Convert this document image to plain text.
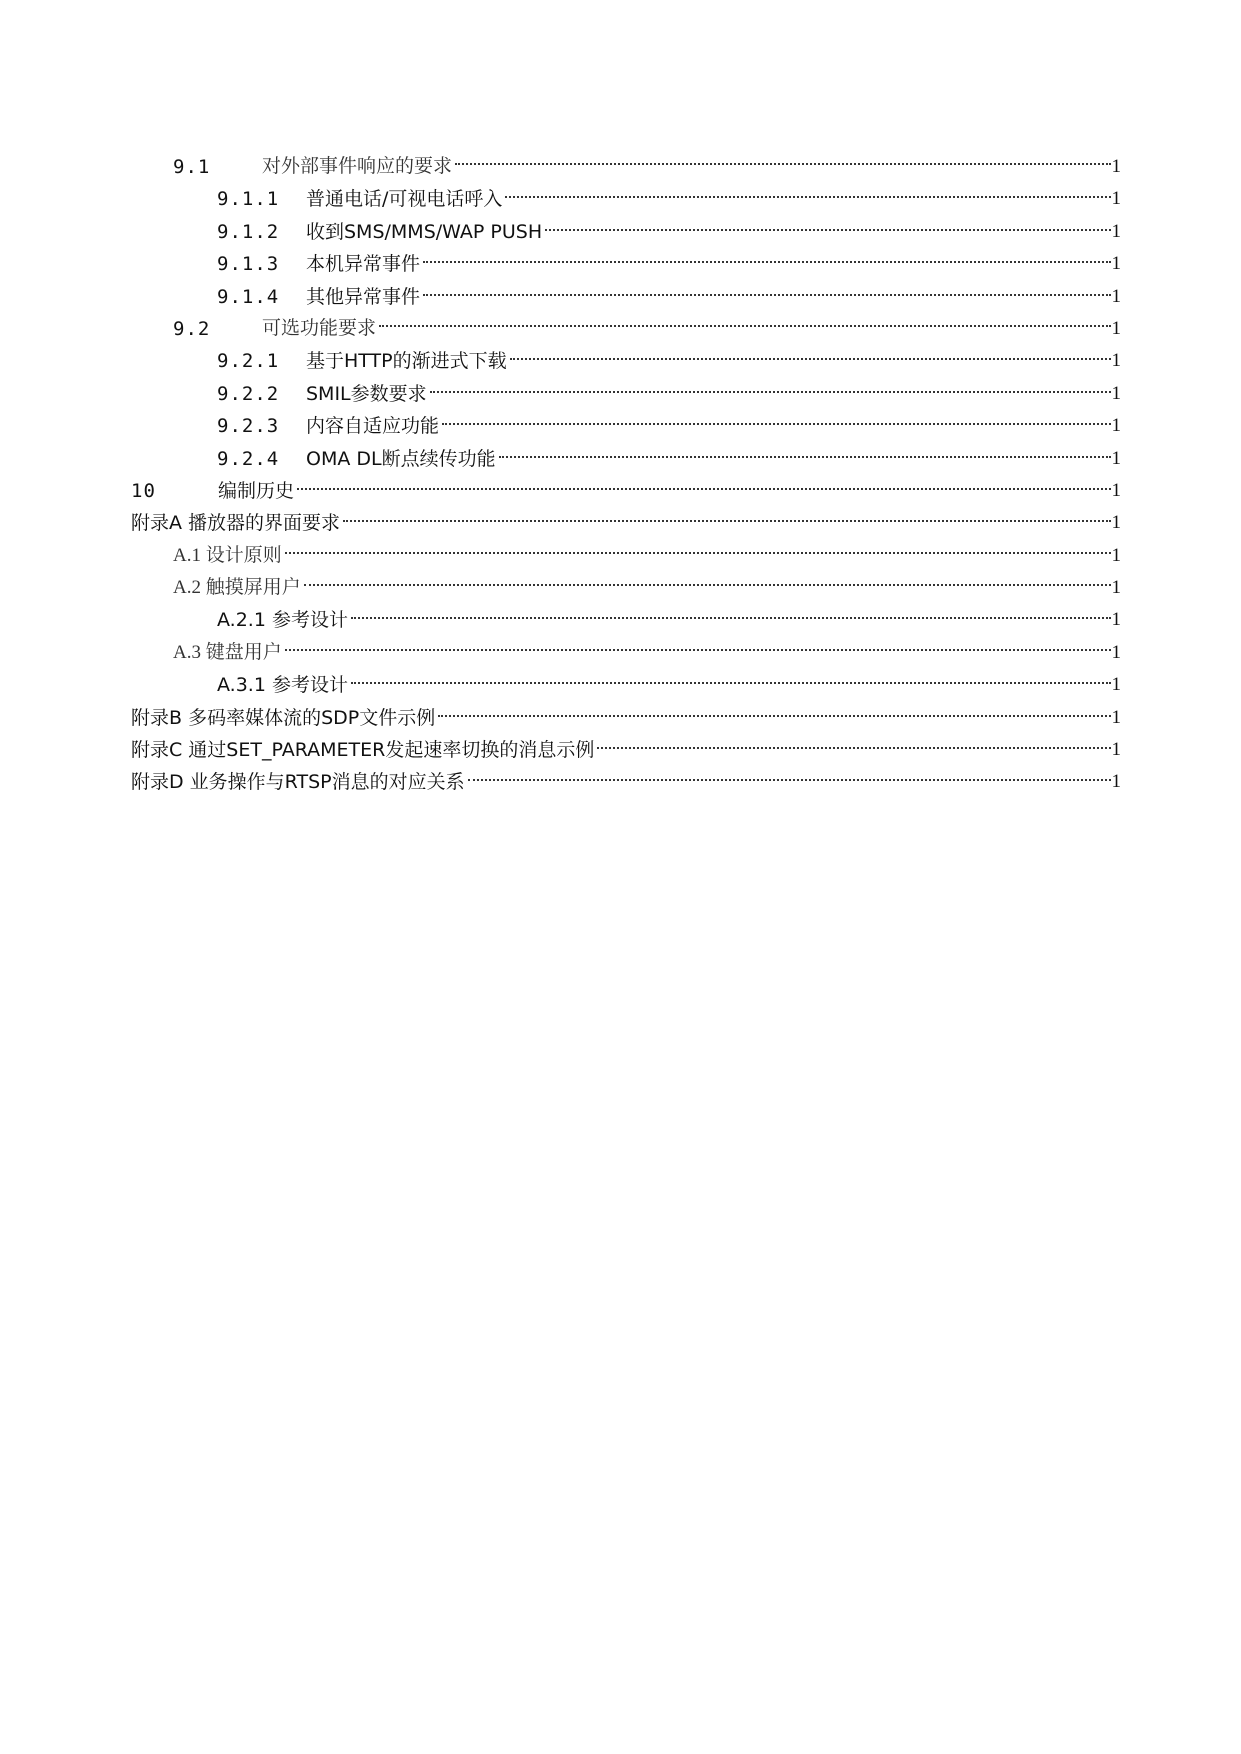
9.1	对外部事件响应的要求	1
9.1.1 普通电话/可视电话呼入	1
9.1.2 收到SMS/MMS/WAP PUSH	1
9.1.3 本机异常事件	1
9.1.4 其他异常事件	1
9.2	可选功能要求	1
9.2.1 基于HTTP的渐进式下载	1
9.2.2 SMIL参数要求	1
9.2.3 内容自适应功能	1
9.2.4 OMA DL断点续传功能	1
10	编制历史	1
附录A 播放器的界面要求	1
A.1 设计原则	1
A.2 触摸屏用户	1
A.2.1 参考设计	1
A.3 键盘用户	1
A.3.1 参考设计	1
附录B 多码率媒体流的SDP文件示例	1
附录C 通过SET_PARAMETER发起速率切换的消息示例	1
附录D 业务操作与RTSP消息的对应关系	1
